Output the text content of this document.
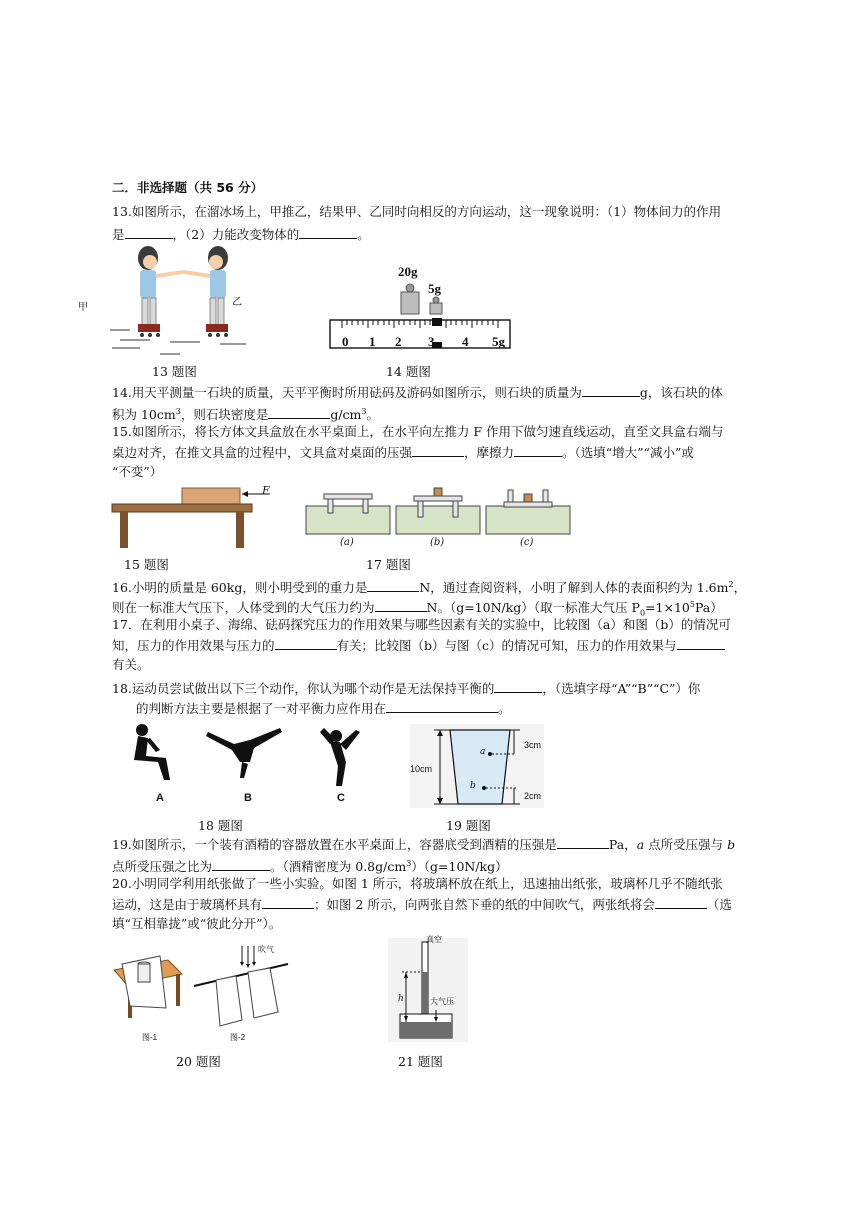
二．非选择题（共 56 分）
13.如图所示，在溜冰场上，甲推乙，结果甲、乙同时向相反的方向运动，这一现象说明：（1）物体间力的作用
是	，（2）力能改变物体的	。
甲	乙
13 题图
20g
5g
0 1 2 3 4 5g
14 题图
14.用天平测量一石块的质量，天平平衡时所用砝码及游码如图所示，则石块的质量为	g，该石块的体
积为 $10cm^3$，则石块密度是	$g/cm^3$。
15.如图所示，将长方体文具盒放在水平桌面上，在水平向左推力 F 作用下做匀速直线运动，直至文具盒右端与
桌边对齐，在推文具盒的过程中，文具盒对桌面的压强	，摩擦力	。（选填“增大”“减小”或
“不变”）
F
15 题图
(a)	(b)	(c)
17 题图
16.小明的质量是 60kg，则小明受到的重力是	N，通过查阅资料，小明了解到人体的表面积约为 $1.6m^2$，
则在一标准大气压下，人体受到的大气压力约为	N。（g=10N/kg）（取一标准大气压 $P_0=1\times 10^5Pa$）
17．在利用小桌子、海绵、砝码探究压力的作用效果与哪些因素有关的实验中，比较图（a）和图（b）的情况可
知，压力的作用效果与压力的	有关；比较图（b）与图（c）的情况可知，压力的作用效果与
有关。
18.运动员尝试做出以下三个动作，你认为哪个动作是无法保持平衡的	，（选填字母“A”“B”“C”）你
的判断方法主要是根据了一对平衡力应作用在	。
A	B	C
18 题图
10cm
3cm
2cm
a
b
19 题图
19.如图所示，一个装有酒精的容器放置在水平桌面上，容器底受到酒精的压强是	Pa，a 点所受压强与 b
点所受压强之比为	。（酒精密度为 $0.8g/cm^3)(g=10N/kg)$
20.小明同学利用纸张做了一些小实验。如图 1 所示，将玻璃杯放在纸上，迅速抽出纸张，玻璃杯几乎不随纸张
运动，这是由于玻璃杯具有	；如图 2 所示，向两张自然下垂的纸的中间吹气，两张纸将会	（选
填“互相靠拢”或“彼此分开”）。
吹气
图-1	图-2
20 题图
真空
h	大气压
21 题图
